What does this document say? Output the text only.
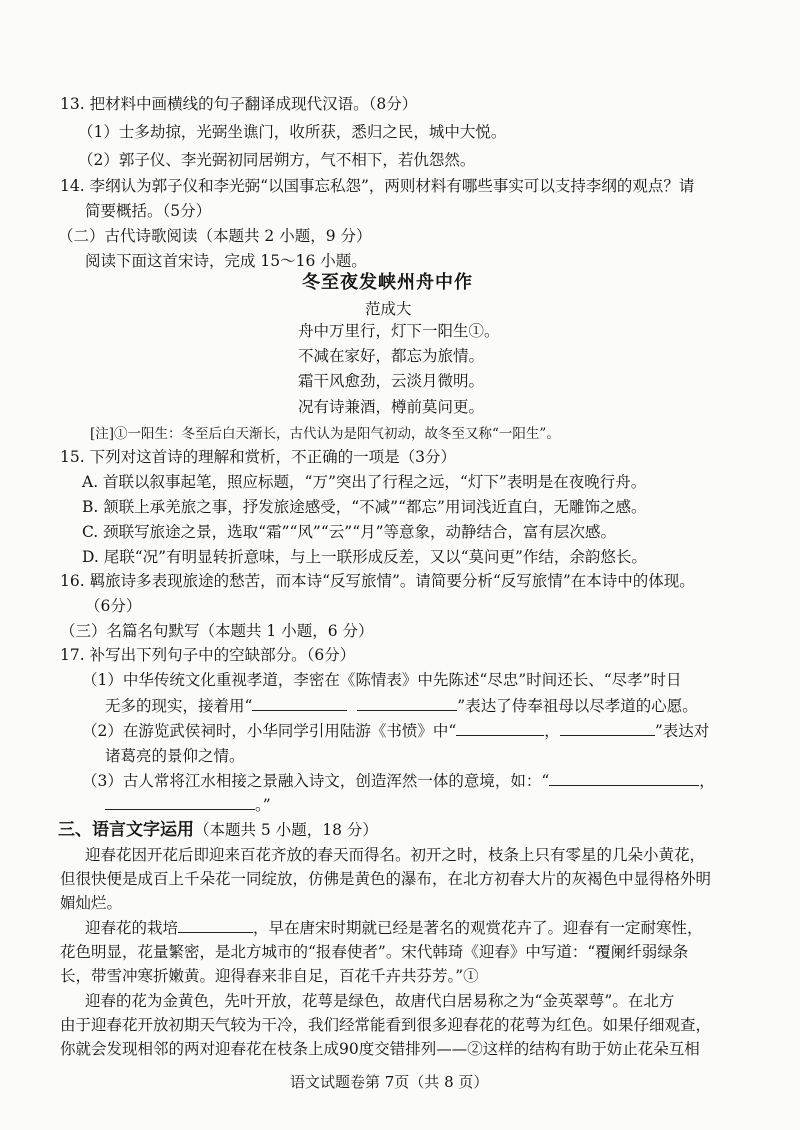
13. 把材料中画横线的句子翻译成现代汉语。（8分）
（1）士多劫掠，光弼坐谯门，收所获，悉归之民，城中大悦。
（2）郭子仪、李光弼初同居朔方，气不相下，若仇怨然。
14. 李纲认为郭子仪和李光弼“以国事忘私怨”，两则材料有哪些事实可以支持李纲的观点？请
简要概括。（5分）
（二）古代诗歌阅读（本题共 2 小题，9 分）
阅读下面这首宋诗，完成 15～16 小题。
冬至夜发峡州舟中作
范成大
舟中万里行，灯下一阳生①。
不减在家好，都忘为旅情。
霜干风愈劲，云淡月微明。
况有诗兼酒，樽前莫问更。
[注]①一阳生：冬至后白天渐长，古代认为是阳气初动，故冬至又称“一阳生”。
15. 下列对这首诗的理解和赏析，不正确的一项是（3分）
A. 首联以叙事起笔，照应标题，“万”突出了行程之远，“灯下”表明是在夜晚行舟。
B. 颔联上承羌旅之事，抒发旅途感受，“不减”“都忘”用词浅近直白，无雕饰之感。
C. 颈联写旅途之景，选取“霜”“风”“云”“月”等意象，动静结合，富有层次感。
D. 尾联“况”有明显转折意味，与上一联形成反差，又以“莫问更”作结，余韵悠长。
16. 羁旅诗多表现旅途的愁苦，而本诗“反写旅情”。请简要分析“反写旅情”在本诗中的体现。
（6分）
（三）名篇名句默写（本题共 1 小题，6 分）
17. 补写出下列句子中的空缺部分。（6分）
（1）中华传统文化重视孝道，李密在《陈情表》中先陈述“尽忠”时间还长、“尽孝”时日
无多的现实，接着用“	”表达了侍奉祖母以尽孝道的心愿。
（2）在游览武侯祠时，小华同学引用陆游《书愤》中“	，	”表达对
诸葛亮的景仰之情。
（3）古人常将江水相接之景融入诗文，创造浑然一体的意境，如：“	，
。”
三、语言文字运用（本题共 5 小题，18 分）
迎春花因开花后即迎来百花齐放的春天而得名。初开之时，枝条上只有零星的几朵小黄花，
但很快便是成百上千朵花一同绽放，仿佛是黄色的瀑布，在北方初春大片的灰褐色中显得格外明
媚灿烂。
迎春花的栽培	，早在唐宋时期就已经是著名的观赏花卉了。迎春有一定耐寒性，
花色明显，花量繁密，是北方城市的“报春使者”。宋代韩琦《迎春》中写道：“覆阑纤弱绿条
长，带雪冲寒折嫩黄。迎得春来非自足，百花千卉共芬芳。”①
迎春的花为金黄色，先叶开放，花萼是绿色，故唐代白居易称之为“金英翠萼”。在北方
由于迎春花开放初期天气较为干冷，我们经常能看到很多迎春花的花萼为红色。如果仔细观查，
你就会发现相邻的两对迎春花在枝条上成90度交错排列——②这样的结构有助于妨止花朵互相
语文试题卷第 7页（共 8 页）
